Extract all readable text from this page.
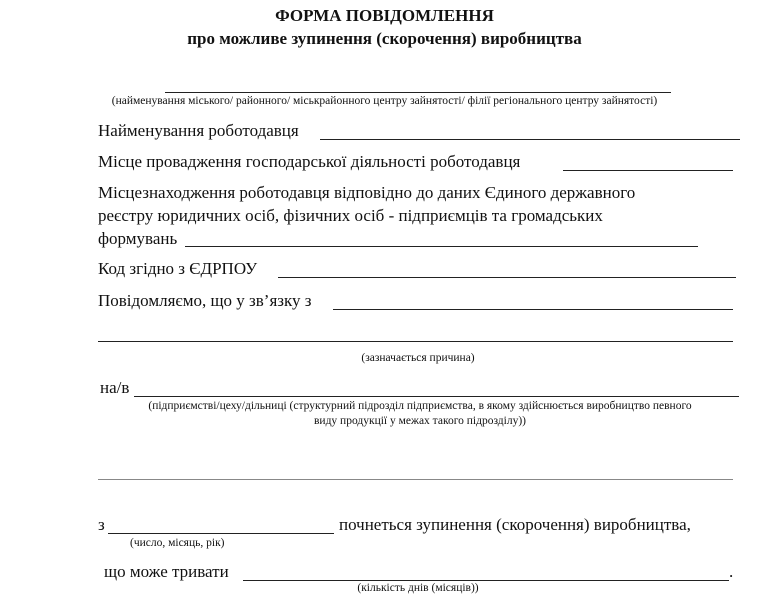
ФОРМА ПОВІДОМЛЕННЯ
про можливе зупинення (скорочення) виробництва
(найменування міського/ районного/ міськрайонного центру зайнятості/ філії регіонального центру зайнятості)
Найменування роботодавця
Місце провадження господарської діяльності роботодавця
Місцезнаходження роботодавця відповідно до даних Єдиного державного
реєстру юридичних осіб, фізичних осіб - підприємців та громадських
формувань
Код згідно з ЄДРПОУ
Повідомляємо, що у зв’язку з
(зазначається причина)
на/в
(підприємстві/цеху/дільниці (структурний підрозділ підприємства, в якому здійснюється виробництво певного
виду продукції у межах такого підрозділу))
з	почнеться зупинення (скорочення) виробництва,
(число, місяць, рік)
що може тривати	.
(кількість днів (місяців))
